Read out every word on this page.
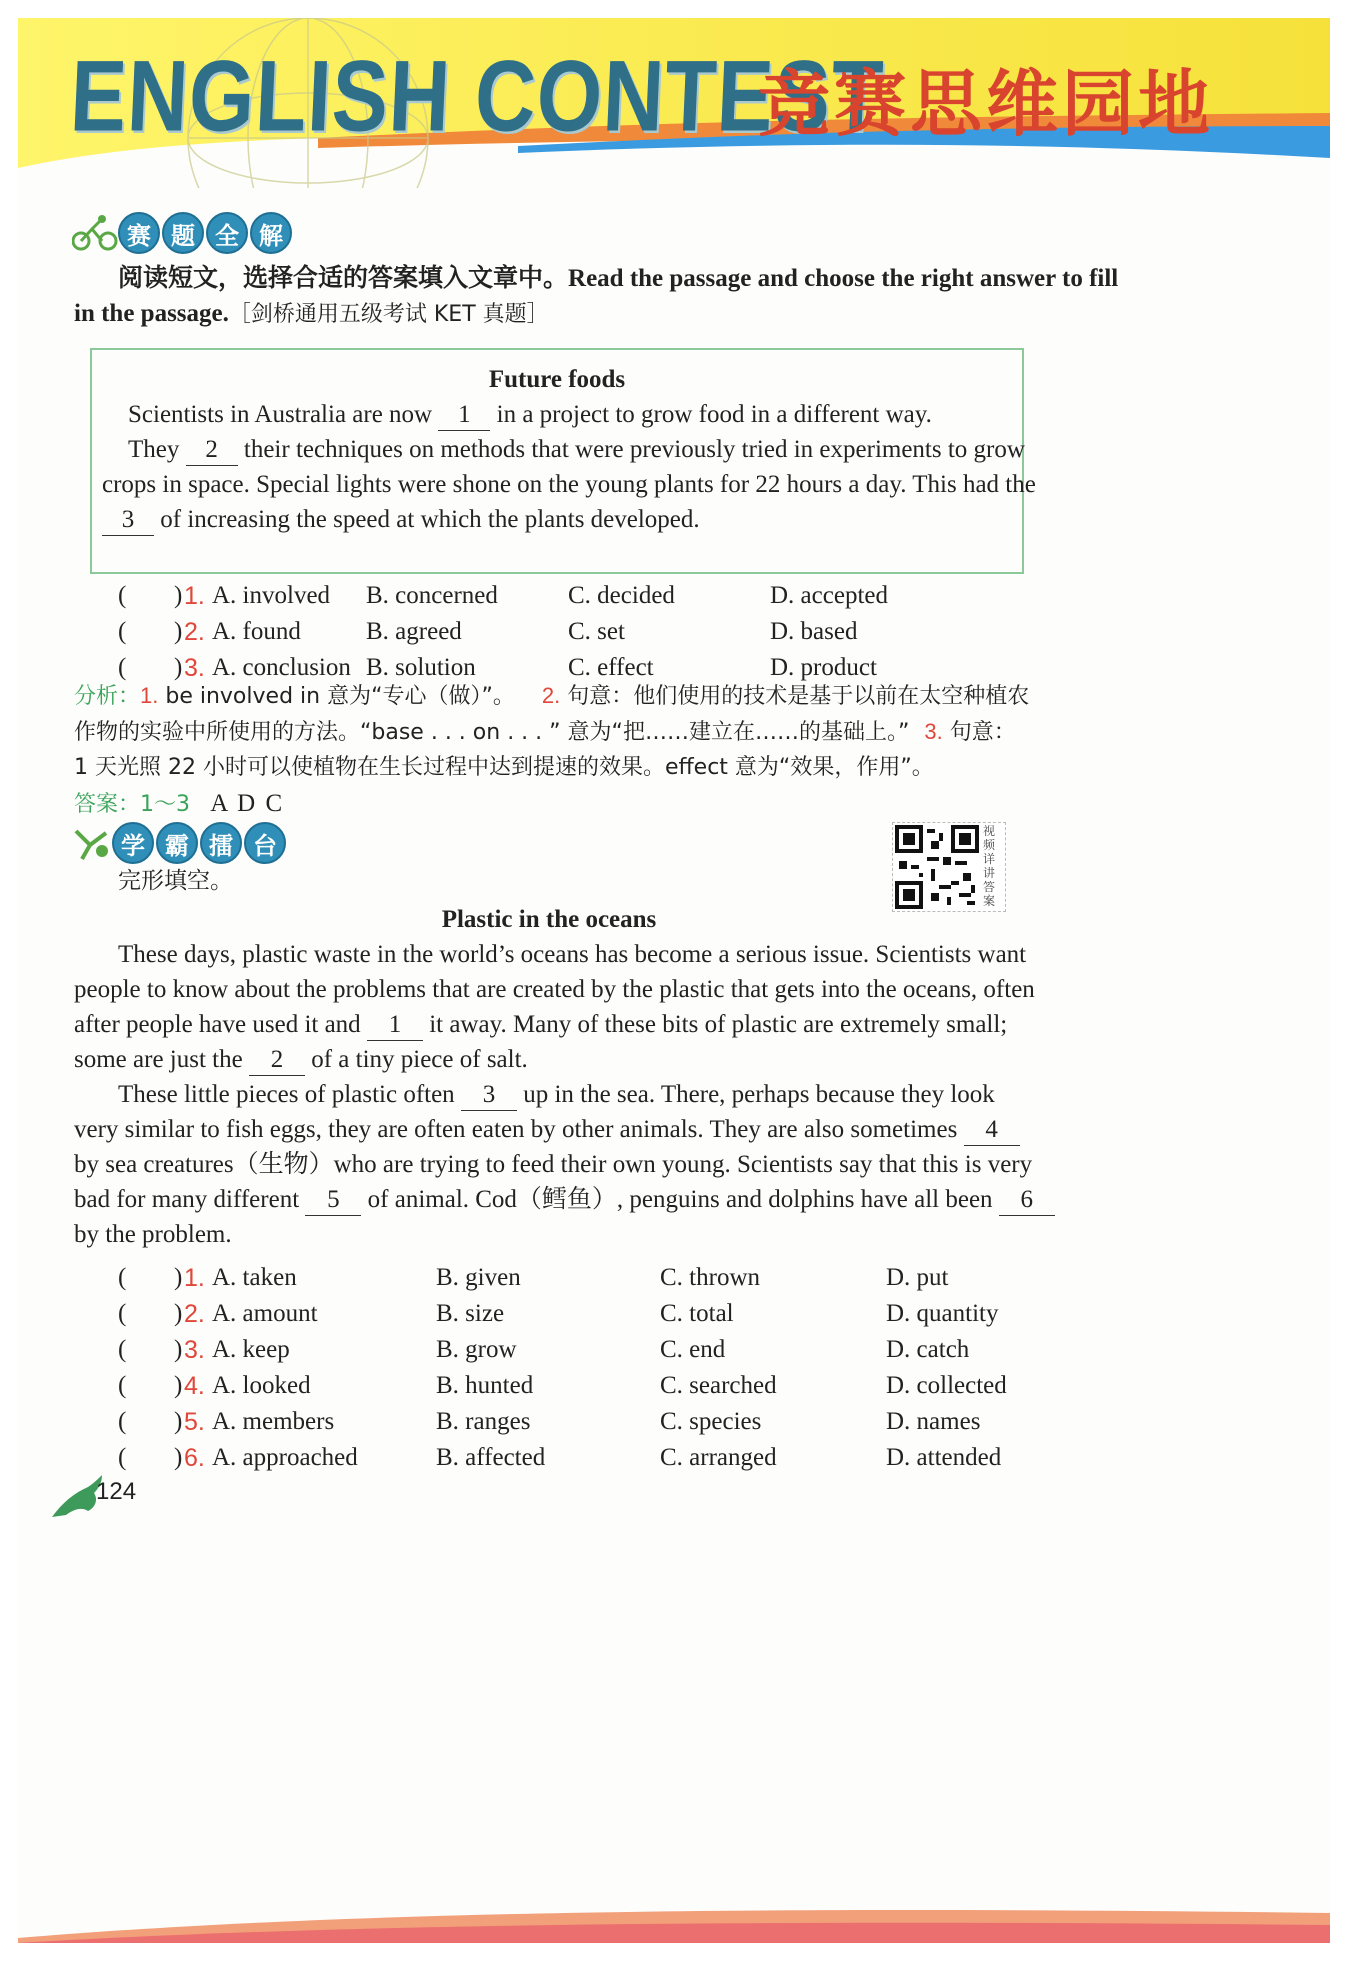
ENGLISH CONTEST
竞赛思维园地
赛 题 全 解
阅读短文，选择合适的答案填入文章中。Read the passage and choose the right answer to fill
in the passage.［剑桥通用五级考试 KET 真题］
Future foods
Scientists in Australia are now 1 in a project to grow food in a different way.
They 2 their techniques on methods that were previously tried in experiments to grow
crops in space. Special lights were shone on the young plants for 22 hours a day. This had the
3 of increasing the speed at which the plants developed.
( ) 1. A. involved B. concerned	C. decided	D. accepted
( ) 2. A. found	B. agreed	C. set	D. based
( ) 3. A. conclusion B. solution	C. effect	D. product
分析：1. be involved in 意为“专心（做）”。 2. 句意：他们使用的技术是基于以前在太空种植农
作物的实验中所使用的方法。“base . . . on . . . ” 意为“把……建立在……的基础上。” 3. 句意：
1 天光照 22 小时可以使植物在生长过程中达到提速的效果。effect 意为“效果，作用”。
答案：1～3 A D C
学 霸 擂 台
视频详讲答案
完形填空。
Plastic in the oceans
These days, plastic waste in the world’s oceans has become a serious issue. Scientists want
people to know about the problems that are created by the plastic that gets into the oceans, often
after people have used it and 1 it away. Many of these bits of plastic are extremely small;
some are just the 2 of a tiny piece of salt.
These little pieces of plastic often 3 up in the sea. There, perhaps because they look
very similar to fish eggs, they are often eaten by other animals. They are also sometimes 4
by sea creatures（生物）who are trying to feed their own young. Scientists say that this is very
bad for many different 5 of animal. Cod（鳕鱼）, penguins and dolphins have all been 6
by the problem.
( ) 1. A. taken	B. given	C. thrown	D. put
( ) 2. A. amount	B. size	C. total	D. quantity
( ) 3. A. keep	B. grow	C. end	D. catch
( ) 4. A. looked	B. hunted	C. searched	D. collected
( ) 5. A. members	B. ranges	C. species	D. names
( ) 6. A. approached	B. affected	C. arranged	D. attended
124
